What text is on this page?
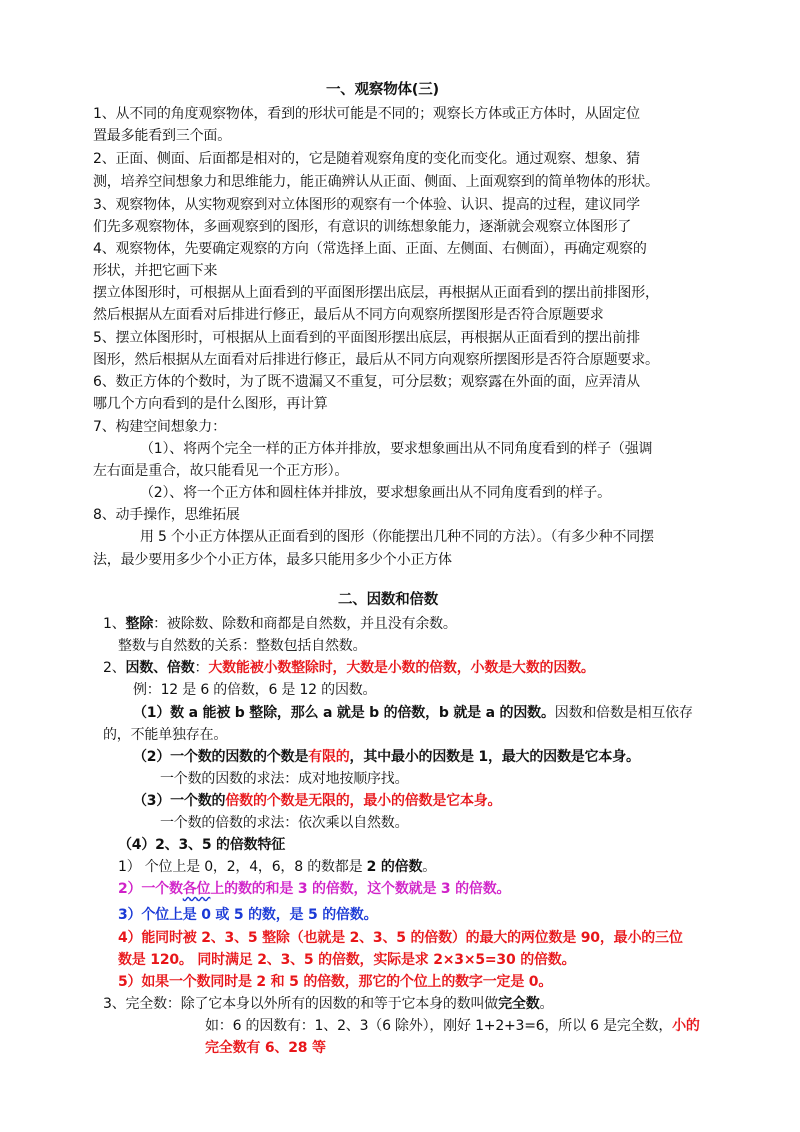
一、观察物体(三)
1、从不同的角度观察物体，看到的形状可能是不同的；观察长方体或正方体时，从固定位
置最多能看到三个面。
2、正面、侧面、后面都是相对的，它是随着观察角度的变化而变化。通过观察、想象、猜
测，培养空间想象力和思维能力，能正确辨认从正面、侧面、上面观察到的简单物体的形状。
3、观察物体，从实物观察到对立体图形的观察有一个体验、认识、提高的过程，建议同学
们先多观察物体，多画观察到的图形，有意识的训练想象能力，逐渐就会观察立体图形了
4、观察物体，先要确定观察的方向（常选择上面、正面、左侧面、右侧面），再确定观察的
形状，并把它画下来
摆立体图形时，可根据从上面看到的平面图形摆出底层，再根据从正面看到的摆出前排图形，
然后根据从左面看对后排进行修正，最后从不同方向观察所摆图形是否符合原题要求
5、摆立体图形时，可根据从上面看到的平面图形摆出底层，再根据从正面看到的摆出前排
图形，然后根据从左面看对后排进行修正，最后从不同方向观察所摆图形是否符合原题要求。
6、数正方体的个数时，为了既不遗漏又不重复，可分层数；观察露在外面的面，应弄清从
哪几个方向看到的是什么图形，再计算
7、构建空间想象力：
（1）、将两个完全一样的正方体并排放，要求想象画出从不同角度看到的样子（强调
左右面是重合，故只能看见一个正方形）。
（2）、将一个正方体和圆柱体并排放，要求想象画出从不同角度看到的样子。
8、动手操作，思维拓展
用 5 个小正方体摆从正面看到的图形（你能摆出几种不同的方法）。（有多少种不同摆
法，最少要用多少个小正方体，最多只能用多少个小正方体
二、因数和倍数
1、整除：被除数、除数和商都是自然数，并且没有余数。
整数与自然数的关系：整数包括自然数。
2、因数、倍数：大数能被小数整除时，大数是小数的倍数，小数是大数的因数。
例：12 是 6 的倍数，6 是 12 的因数。
（1）数 a 能被 b 整除，那么 a 就是 b 的倍数，b 就是 a 的因数。因数和倍数是相互依存
的，不能单独存在。
（2）一个数的因数的个数是有限的，其中最小的因数是 1，最大的因数是它本身。
一个数的因数的求法：成对地按顺序找。
（3）一个数的倍数的个数是无限的，最小的倍数是它本身。
一个数的倍数的求法：依次乘以自然数。
（4）2、3、5 的倍数特征
1） 个位上是 0，2，4，6，8 的数都是 2 的倍数。
2）一个数各位上的数的和是 3 的倍数，这个数就是 3 的倍数。
3）个位上是 0 或 5 的数，是 5 的倍数。
4）能同时被 2、3、5 整除（也就是 2、3、5 的倍数）的最大的两位数是 90，最小的三位
数是 120。 同时满足 2、3、5 的倍数，实际是求 2×3×5=30 的倍数。
5）如果一个数同时是 2 和 5 的倍数，那它的个位上的数字一定是 0。
3、完全数：除了它本身以外所有的因数的和等于它本身的数叫做完全数。
如：6 的因数有：1、2、3（6 除外），刚好 1+2+3=6，所以 6 是完全数，小的
完全数有 6、28 等
